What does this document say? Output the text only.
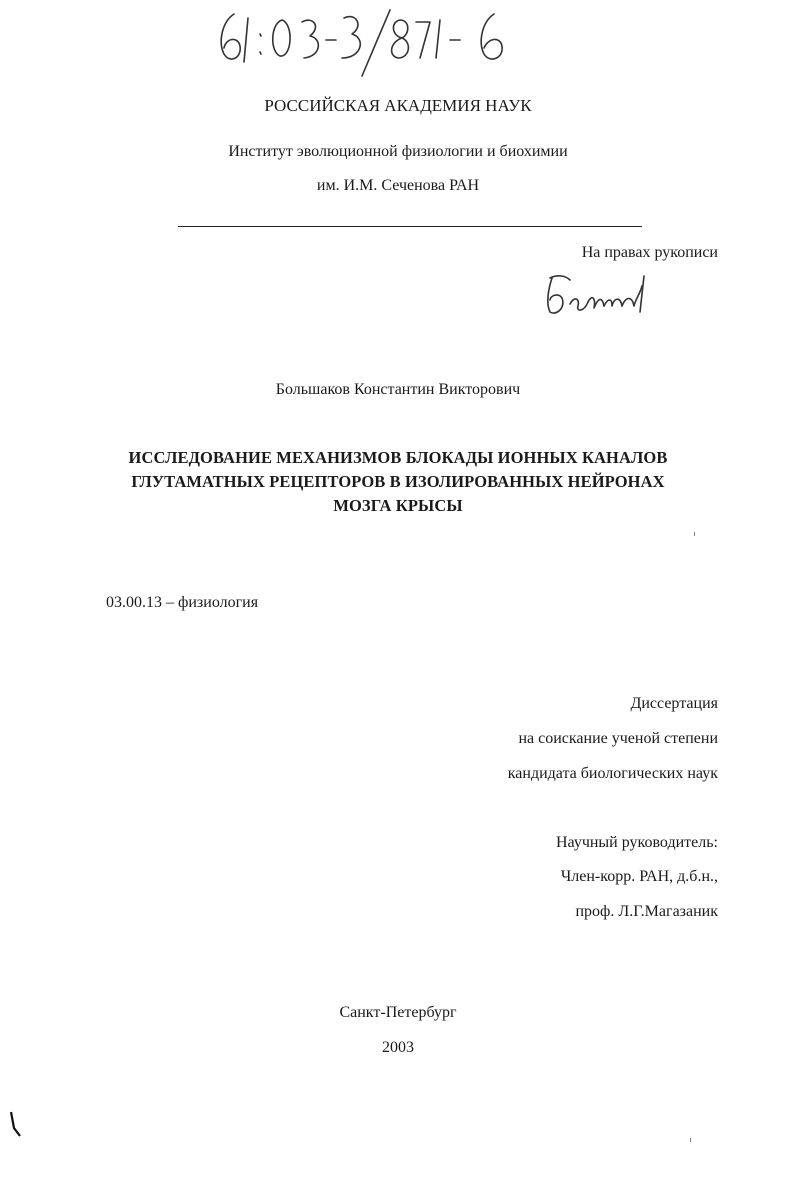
РОССИЙСКАЯ АКАДЕМИЯ НАУК
Институт эволюционной физиологии и биохимии
им. И.М. Сеченова РАН
На правах рукописи
Большаков Константин Викторович
ИССЛЕДОВАНИЕ МЕХАНИЗМОВ БЛОКАДЫ ИОННЫХ КАНАЛОВ
ГЛУТАМАТНЫХ РЕЦЕПТОРОВ В ИЗОЛИРОВАННЫХ НЕЙРОНАХ
МОЗГА КРЫСЫ
03.00.13 – физиология
Диссертация
на соискание ученой степени
кандидата биологических наук
Научный руководитель:
Член-корр. РАН, д.б.н.,
проф. Л.Г.Магазаник
Санкт-Петербург
2003
